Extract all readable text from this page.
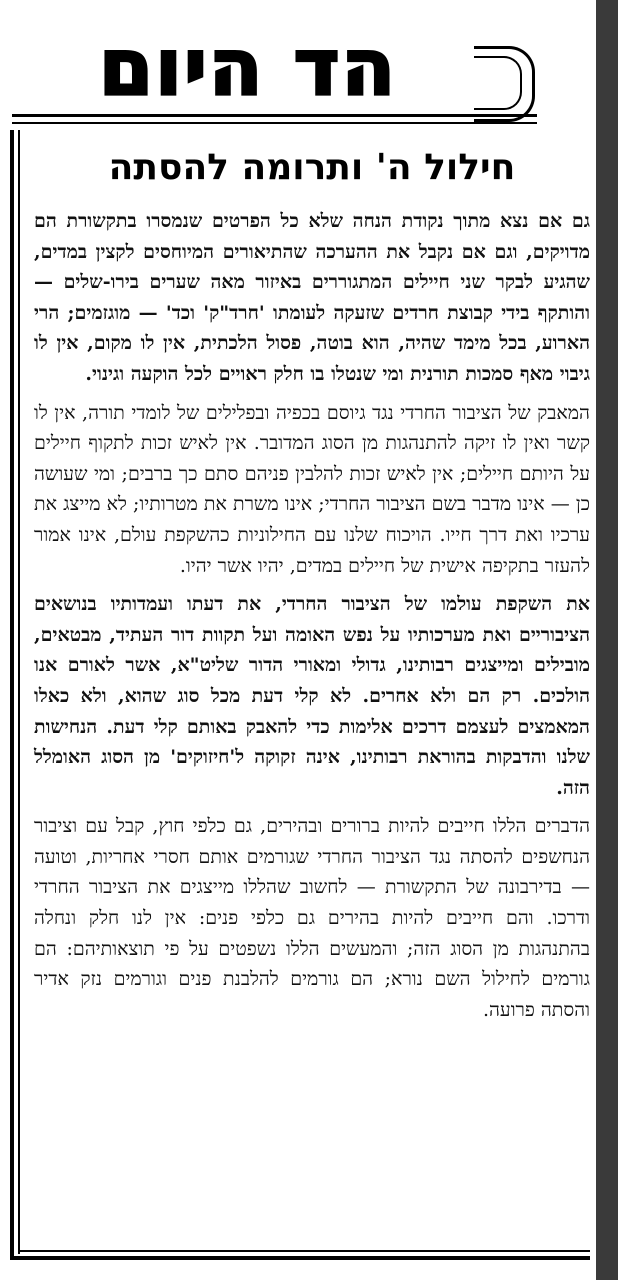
הד היום
חילול ה' ותרומה להסתה

גם אם נצא מתוך נקודת הנחה שלא כל הפרטים שנמסרו בתקשורת הם מדויקים, וגם אם נקבל את ההערכה שהתיאורים המיוחסים לקצין במדים, שהגיע לבקר שני חיילים המתגוררים באיזור מאה שערים בירו-שלים — והותקף בידי קבוצת חרדים שזעקה לעומתו 'חרד"ק' וכד' — מוגזמים; הרי הארוע, בכל מימד שהיה, הוא בוטה, פסול הלכתית, אין לו מקום, אין לו גיבוי מאף סמכות תורנית ומי שנטלו בו חלק ראויים לכל הוקעה וגינוי.

המאבק של הציבור החרדי נגד גיוסם בכפיה ובפלילים של לומדי תורה, אין לו קשר ואין לו זיקה להתנהגות מן הסוג המדובר. אין לאיש זכות לתקוף חיילים על היותם חיילים; אין לאיש זכות להלבין פניהם סתם כך ברבים; ומי שעושה כן — אינו מדבר בשם הציבור החרדי; אינו משרת את מטרותיו; לא מייצג את ערכיו ואת דרך חייו. הויכוח שלנו עם החילוניות כהשקפת עולם, אינו אמור להעזר בתקיפה אישית של חיילים במדים, יהיו אשר יהיו.

את השקפת עולמו של הציבור החרדי, את דעתו ועמדותיו בנושאים הציבוריים ואת מערכותיו על נפש האומה ועל תקוות דור העתיד, מבטאים, מובילים ומייצגים רבותינו, גדולי ומאורי הדור שליט"א, אשר לאורם אנו הולכים. רק הם ולא אחרים. לא קלי דעת מכל סוג שהוא, ולא כאלו המאמצים לעצמם דרכים אלימות כדי להאבק באותם קלי דעת. הנחישות שלנו והדבקות בהוראת רבותינו, אינה זקוקה ל'חיזוקים' מן הסוג האומלל הזה.

הדברים הללו חייבים להיות ברורים ובהירים, גם כלפי חוץ, קבל עם וציבור הנחשפים להסתה נגד הציבור החרדי שגורמים אותם חסרי אחריות, וטועה — בדירבונה של התקשורת — לחשוב שהללו מייצגים את הציבור החרדי ודרכו. והם חייבים להיות בהירים גם כלפי פנים: אין לנו חלק ונחלה בהתנהגות מן הסוג הזה; והמעשים הללו נשפטים על פי תוצאותיהם: הם גורמים לחילול השם נורא; הם גורמים להלבנת פנים וגורמים נזק אדיר והסתה פרועה.
